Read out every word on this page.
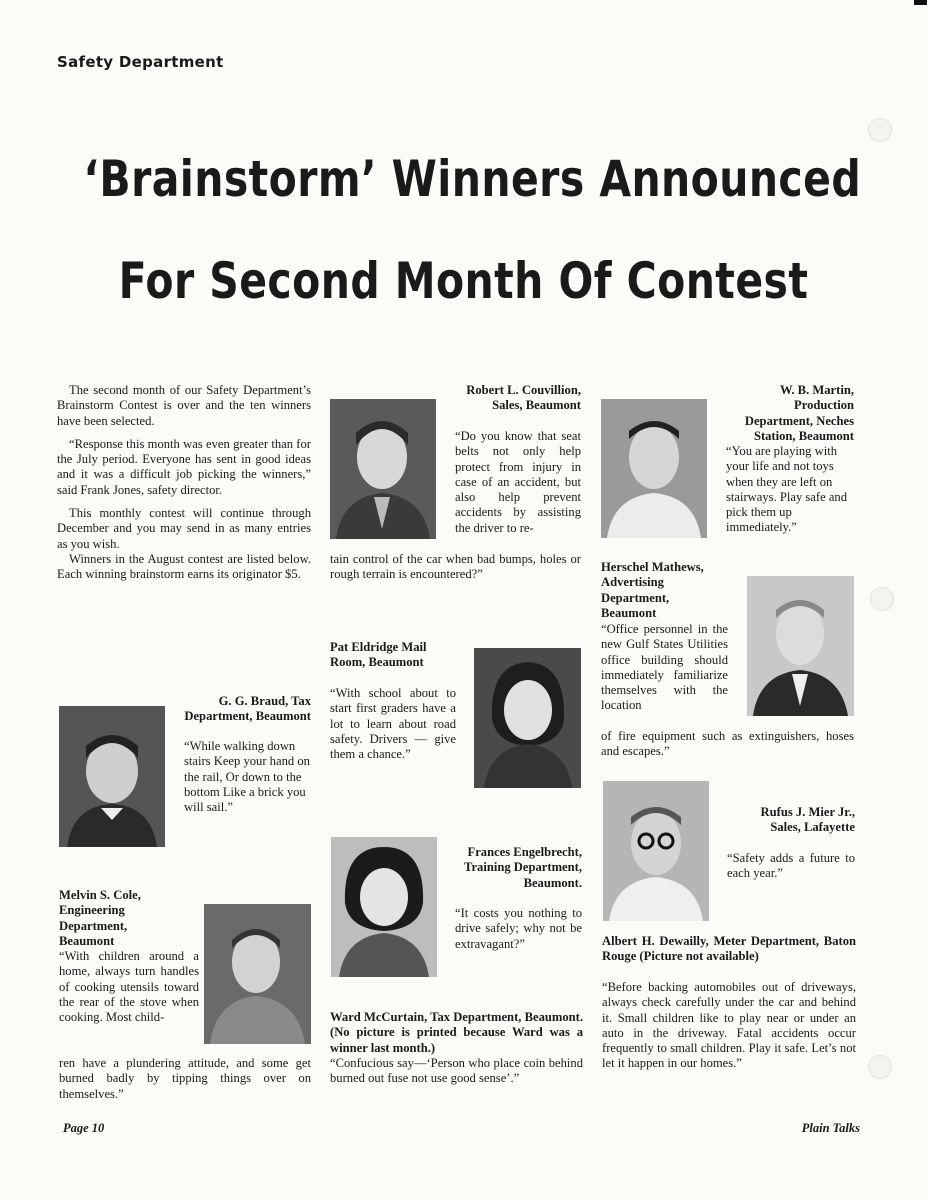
Safety Department
‘Brainstorm’ Winners Announced
For Second Month Of Contest

The second month of our Safety Department’s Brainstorm Contest is over and the ten winners have been selected.

“Response this month was even greater than for the July period. Everyone has sent in good ideas and it was a difficult job picking the winners,” said Frank Jones, safety director.

This monthly contest will continue through December and you may send in as many entries as you wish.

Winners in the August contest are listed below. Each winning brainstorm earns its originator $5.

G. G. Braud, Tax Department, Beaumont
“While walking down stairs Keep your hand on the rail, Or down to the bottom Like a brick you will sail.”
Melvin S. Cole, Engineering Department, Beaumont
“With children around a home, always turn handles of cooking utensils toward the rear of the stove when cooking. Most child-
ren have a plundering attitude, and some get burned badly by tipping things over on themselves.”
Robert L. Couvillion, Sales, Beaumont
“Do you know that seat belts not only help protect from injury in case of an accident, but also help prevent accidents by assisting the driver to re-
tain control of the car when bad bumps, holes or rough terrain is encountered?”
Pat Eldridge Mail Room, Beaumont
“With school about to start first graders have a lot to learn about road safety. Drivers — give them a chance.”
Frances Engelbrecht, Training Department, Beaumont.
“It costs you nothing to drive safely; why not be extravagant?”
Ward McCurtain, Tax Department, Beaumont. (No picture is printed because Ward was a winner last month.)
“Confucious say—‘Person who place coin behind burned out fuse not use good sense’.”
W. B. Martin, Production Department, Neches Station, Beaumont
“You are playing with your life and not toys when they are left on stairways. Play safe and pick them up immediately.”
Herschel Mathews, Advertising Department, Beaumont
“Office personnel in the new Gulf States Utilities office building should immediately familiarize themselves with the location
of fire equipment such as extinguishers, hoses and escapes.”
Rufus J. Mier Jr., Sales, Lafayette
“Safety adds a future to each year.”
Albert H. Dewailly, Meter Department, Baton Rouge (Picture not available)
“Before backing automobiles out of driveways, always check carefully under the car and behind it. Small children like to play near or under an auto in the driveway. Fatal accidents occur frequently to small children. Play it safe. Let’s not let it happen in our homes.”
Page 10	Plain Talks
